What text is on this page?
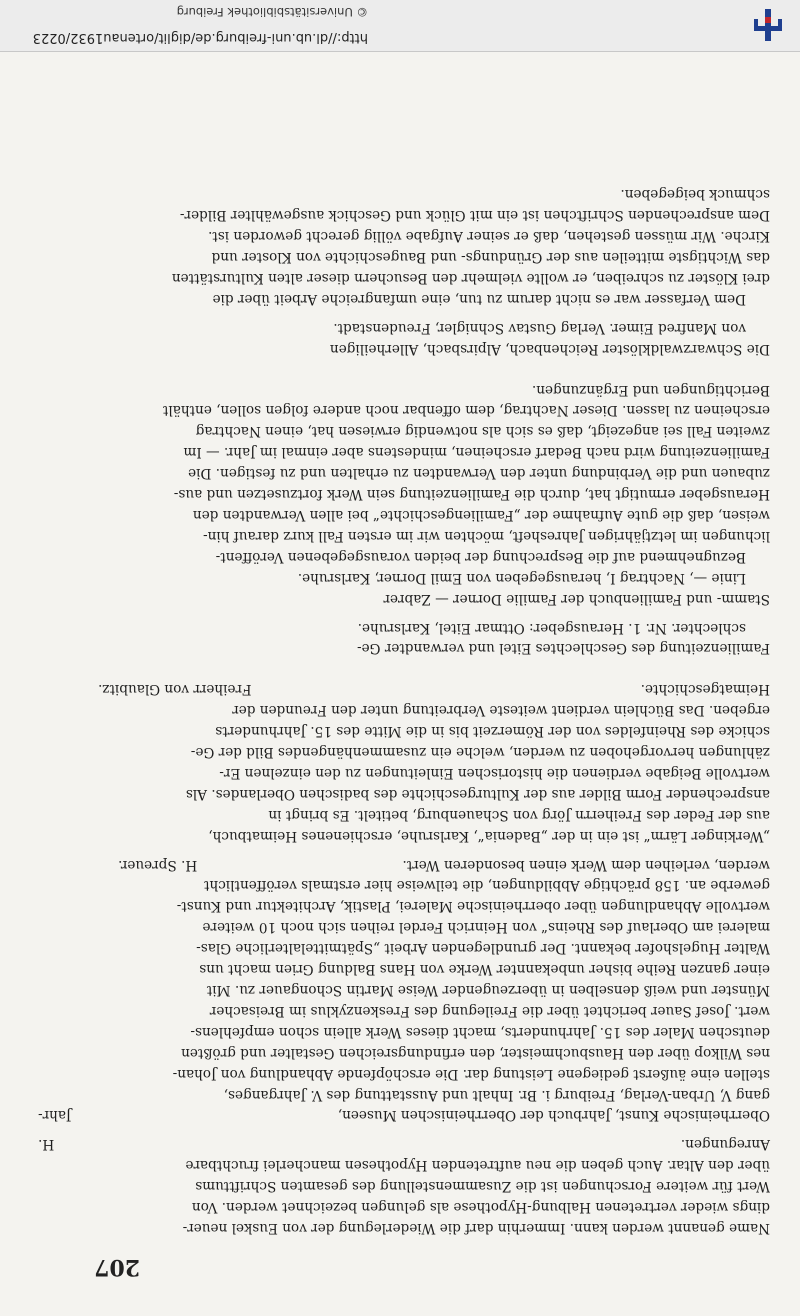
207

Name genannt werden kann. Immerhin darf die Wiederlegung der von Euskel neuer-

dings wieder vertretenen Halbung-Hypothese als gelungen bezeichnet werden. Von

Wert für weitere Forschungen ist die Zusammenstellung des gesamten Schrifttums

über den Altar. Auch geben die neu auftretenden Hypothesen mancherlei fruchtbare

Anregungen.
H.
Oberrheinische Kunst, Jahrbuch der Oberrheinischen Museen,
Jahr-

gang V, Urban-Verlag, Freiburg i. Br. Inhalt und Ausstattung des V. Jahrganges,

stellen eine äußerst gediegene Leistung dar. Die erschöpfende Abhandlung von Johan-

nes Wilkop über den Hausbuchmeister, den erfindungsreichen Gestalter und größten

deutschen Maler des 15. Jahrhunderts, macht dieses Werk allein schon empfehlens-

wert. Josef Sauer berichtet über die Freilegung des Freskenzyklus im Breisacher

Münster und weiß denselben in überzeugender Weise Martin Schongauer zu. Mit

einer ganzen Reihe bisher unbekannter Werke von Hans Baldung Grien macht uns

Walter Hugelshofer bekannt. Der grundlegenden Arbeit „Spätmittelalterliche Glas-

malerei am Oberlauf des Rheins“ von Heinrich Ferdel reihen sich noch 10 weitere

wertvolle Abhandlungen über oberrheinische Malerei, Plastik, Architektur und Kunst-

gewerbe an. 158 prächtige Abbildungen, die teilweise hier erstmals veröffentlicht

werden, verleihen dem Werk einen besonderen Wert.
H. Spreuer.

„Werkinger Lärm“ ist ein in der „Badenia“, Karlsruhe, erschienenes Heimatbuch,

aus der Feder des Freiherrn Jörg von Schauenburg, betitelt. Es bringt in

ansprechender Form Bilder aus der Kulturgeschichte des badischen Oberlandes. Als

wertvolle Beigabe verdienen die historischen Einleitungen zu den einzelnen Er-

zählungen hervorgehoben zu werden, welche ein zusammenhängendes Bild der Ge-

schicke des Rheinfeldes von der Römerzeit bis in die Mitte des 15. Jahrhunderts

ergeben. Das Büchlein verdient weiteste Verbreitung unter den Freunden der

Heimatgeschichte.
Freiherr von Glaubitz.

Familienzeitung des Geschlechtes Eitel und verwandter Ge-

schlechter. Nr. 1. Herausgeber: Ottmar Eitel, Karlsruhe.

Stamm- und Familienbuch der Familie Dorner — Zabrer

Linie —, Nachtrag I, herausgegeben von Emil Dorner, Karlsruhe.

Bezugnehmend auf die Besprechung der beiden vorausgegebenen Veröffent-

lichungen im letztjährigen Jahresheft, möchten wir im ersten Fall kurz darauf hin-

weisen, daß die gute Aufnahme der „Familiengeschichte“ bei allen Verwandten den

Herausgeber ermutigt hat, durch die Familienzeitung sein Werk fortzusetzen und aus-

zubauen und die Verbindung unter den Verwandten zu erhalten und zu festigen. Die

Familienzeitung wird nach Bedarf erscheinen, mindestens aber einmal im Jahr. — Im

zweiten Fall sei angezeigt, daß es sich als notwendig erwiesen hat, einen Nachtrag

erscheinen zu lassen. Dieser Nachtrag, dem offenbar noch andere folgen sollen, enthält

Berichtigungen und Ergänzungen.

Die Schwarzwaldklöster Reichenbach, Alpirsbach, Allerheiligen

von Manfred Eimer. Verlag Gustav Schnigler, Freudenstadt.

Dem Verfasser war es nicht darum zu tun, eine umfangreiche Arbeit über die

drei Klöster zu schreiben, er wollte vielmehr den Besuchern dieser alten Kulturstätten

das Wichtigste mitteilen aus der Gründungs- und Baugeschichte von Kloster und

Kirche. Wir müssen gestehen, daß er seiner Aufgabe völlig gerecht geworden ist.

Dem ansprechenden Schriftchen ist ein mit Glück und Geschick ausgewählter Bilder-

schmuck beigegeben.

http://dl.ub.uni-freiburg.de/diglit/ortenau1932/0223
© Universitätsbibliothek Freiburg
